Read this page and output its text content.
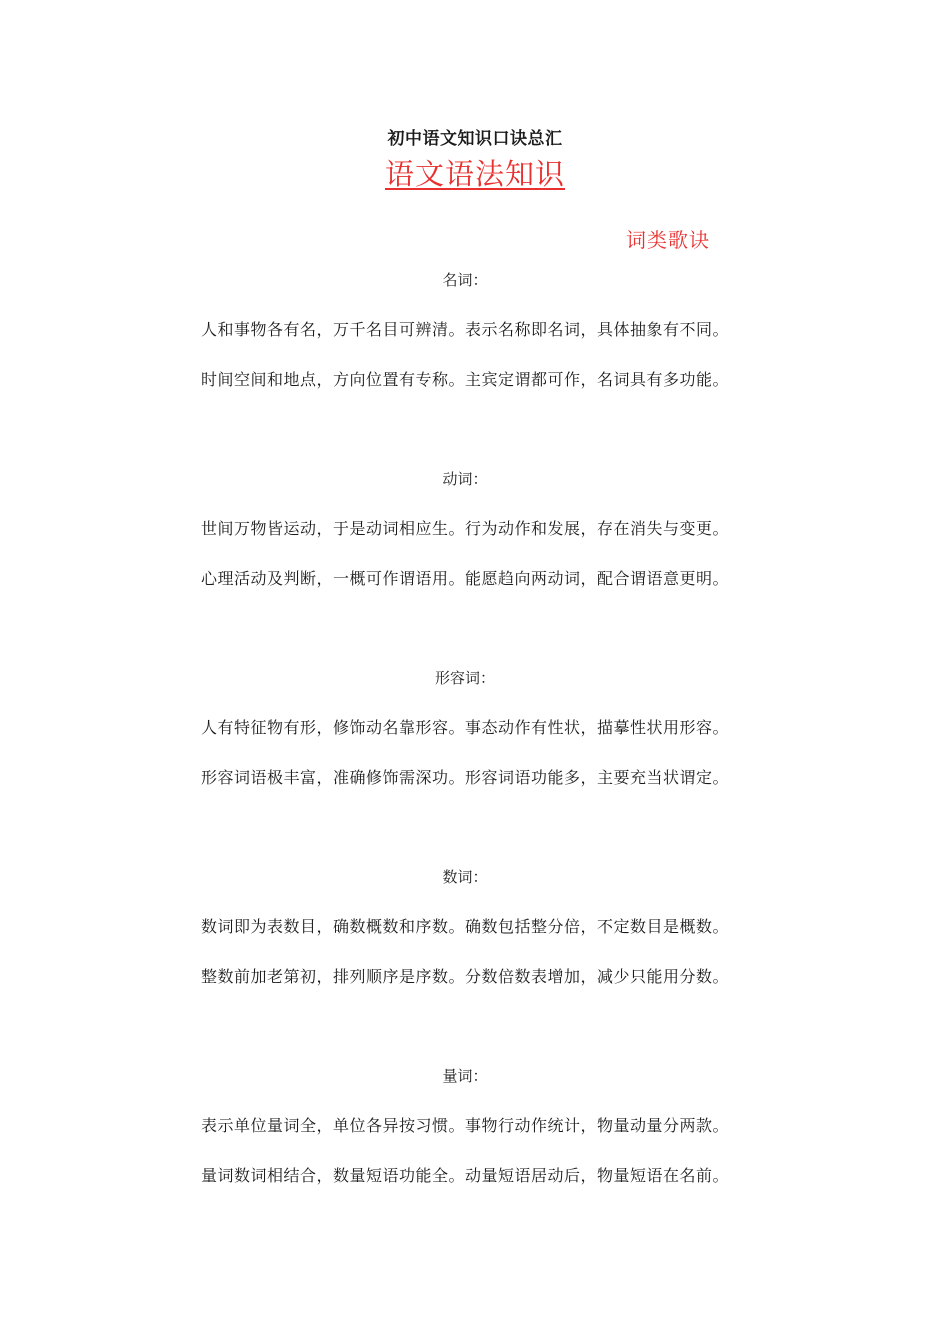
初中语文知识口诀总汇
语文语法知识
词类歌诀
名词：
人和事物各有名，万千名目可辨清。表示名称即名词，具体抽象有不同。
时间空间和地点，方向位置有专称。主宾定谓都可作，名词具有多功能。
动词：
世间万物皆运动，于是动词相应生。行为动作和发展，存在消失与变更。
心理活动及判断，一概可作谓语用。能愿趋向两动词，配合谓语意更明。
形容词：
人有特征物有形，修饰动名靠形容。事态动作有性状，描摹性状用形容。
形容词语极丰富，准确修饰需深功。形容词语功能多，主要充当状谓定。
数词：
数词即为表数目，确数概数和序数。确数包括整分倍，不定数目是概数。
整数前加老第初，排列顺序是序数。分数倍数表增加，减少只能用分数。
量词：
表示单位量词全，单位各异按习惯。事物行动作统计，物量动量分两款。
量词数词相结合，数量短语功能全。动量短语居动后，物量短语在名前。
